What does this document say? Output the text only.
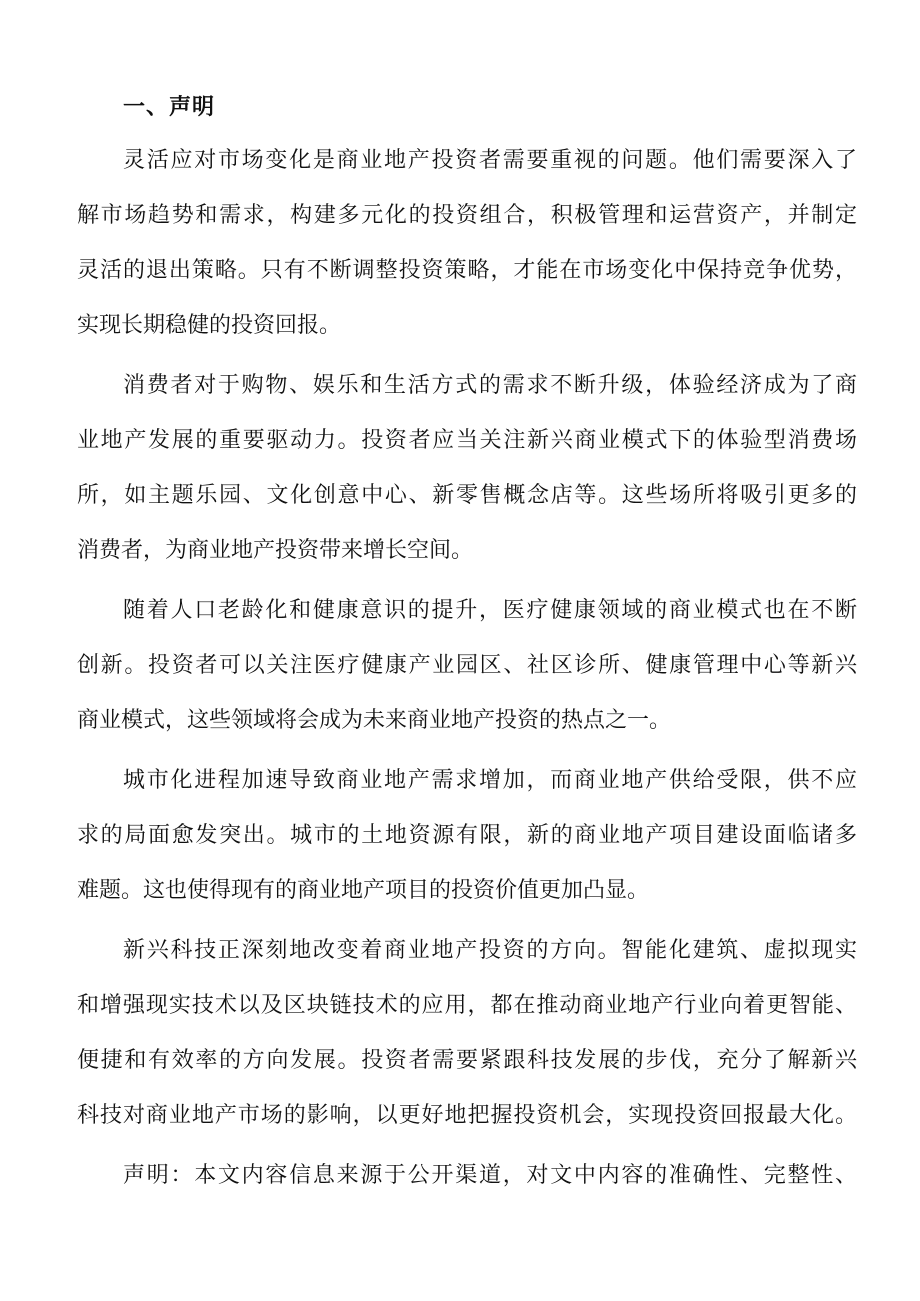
一、声明
灵活应对市场变化是商业地产投资者需要重视的问题。他们需要深入了
解市场趋势和需求，构建多元化的投资组合，积极管理和运营资产，并制定
灵活的退出策略。只有不断调整投资策略，才能在市场变化中保持竞争优势，
实现长期稳健的投资回报。
消费者对于购物、娱乐和生活方式的需求不断升级，体验经济成为了商
业地产发展的重要驱动力。投资者应当关注新兴商业模式下的体验型消费场
所，如主题乐园、文化创意中心、新零售概念店等。这些场所将吸引更多的
消费者，为商业地产投资带来增长空间。
随着人口老龄化和健康意识的提升，医疗健康领域的商业模式也在不断
创新。投资者可以关注医疗健康产业园区、社区诊所、健康管理中心等新兴
商业模式，这些领域将会成为未来商业地产投资的热点之一。
城市化进程加速导致商业地产需求增加，而商业地产供给受限，供不应
求的局面愈发突出。城市的土地资源有限，新的商业地产项目建设面临诸多
难题。这也使得现有的商业地产项目的投资价值更加凸显。
新兴科技正深刻地改变着商业地产投资的方向。智能化建筑、虚拟现实
和增强现实技术以及区块链技术的应用，都在推动商业地产行业向着更智能、
便捷和有效率的方向发展。投资者需要紧跟科技发展的步伐，充分了解新兴
科技对商业地产市场的影响，以更好地把握投资机会，实现投资回报最大化。
声明：本文内容信息来源于公开渠道，对文中内容的准确性、完整性、
